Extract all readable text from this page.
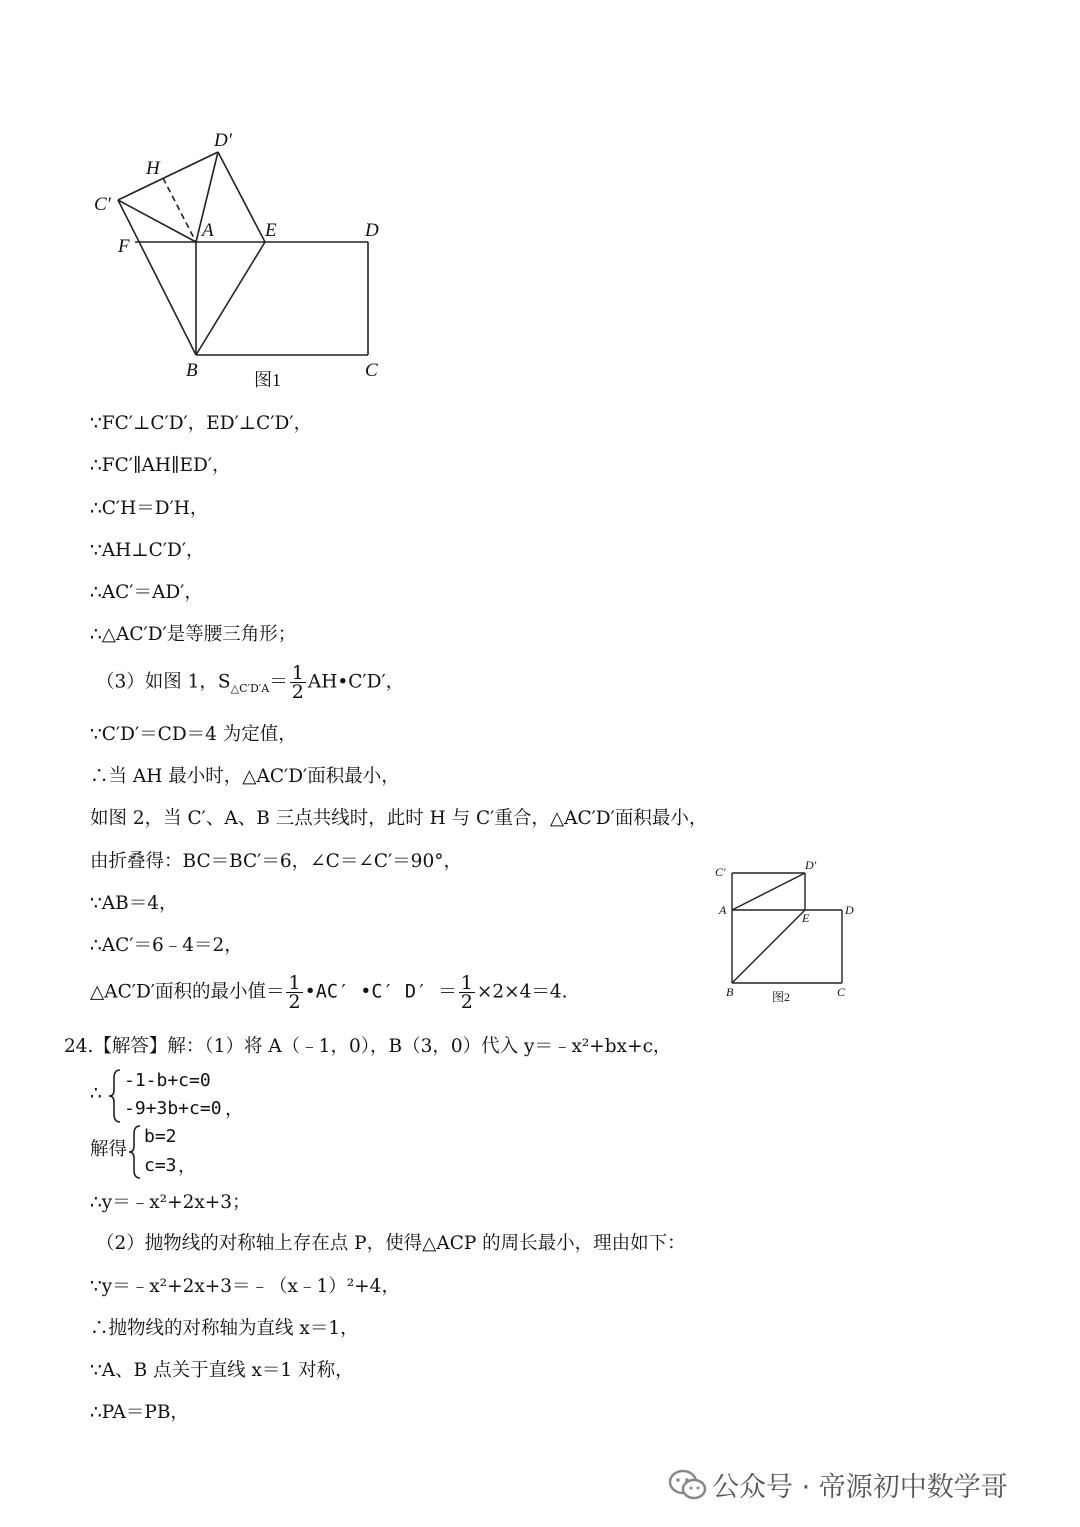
D′
H
C′
F
A	E	D
B	C
图1
C′	D′
A
E
D
B	C
图2
∵FC′⊥C′D′，ED′⊥C′D′，
∴FC′∥AH∥ED′，
∴C′H＝D′H，
∵AH⊥C′D′，
∴AC′＝AD′，
∴△AC′D′是等腰三角形；
（3）如图 1，$S_{\triangle C'D'A}= \frac{1}{2}$ AH•C′D′，
∵C′D′＝CD＝4 为定值，
∴当 AH 最小时，△AC′D′面积最小，
如图 2，当 C′、A、B 三点共线时，此时 H 与 C′重合，△AC′D′面积最小，
由折叠得：BC＝BC′＝6，∠C＝∠C′＝90°，
∵AB＝4，
∴AC′＝6﹣4＝2，
△AC′D′面积的最小值＝ $\frac{1}{2}$ •AC′ •C′ $D' = \frac{1}{2} \times 2\times 4=4$.
24.【解答】解：（1）将 A（﹣1，0），B（3，0）代入 y＝﹣x²+bx+c，
∴
-1-b+c=0
-9+3b+c=0 ，
解得
b=2
c=3 ，
∴y＝﹣x²+2x+3；
（2）抛物线的对称轴上存在点 P，使得△ACP 的周长最小，理由如下：
∵y＝﹣x²+2x+3＝﹣（x﹣1）²+4，
∴抛物线的对称轴为直线 x＝1，
∵A、B 点关于直线 x＝1 对称，
∴PA＝PB，
公众号 · 帝源初中数学哥
